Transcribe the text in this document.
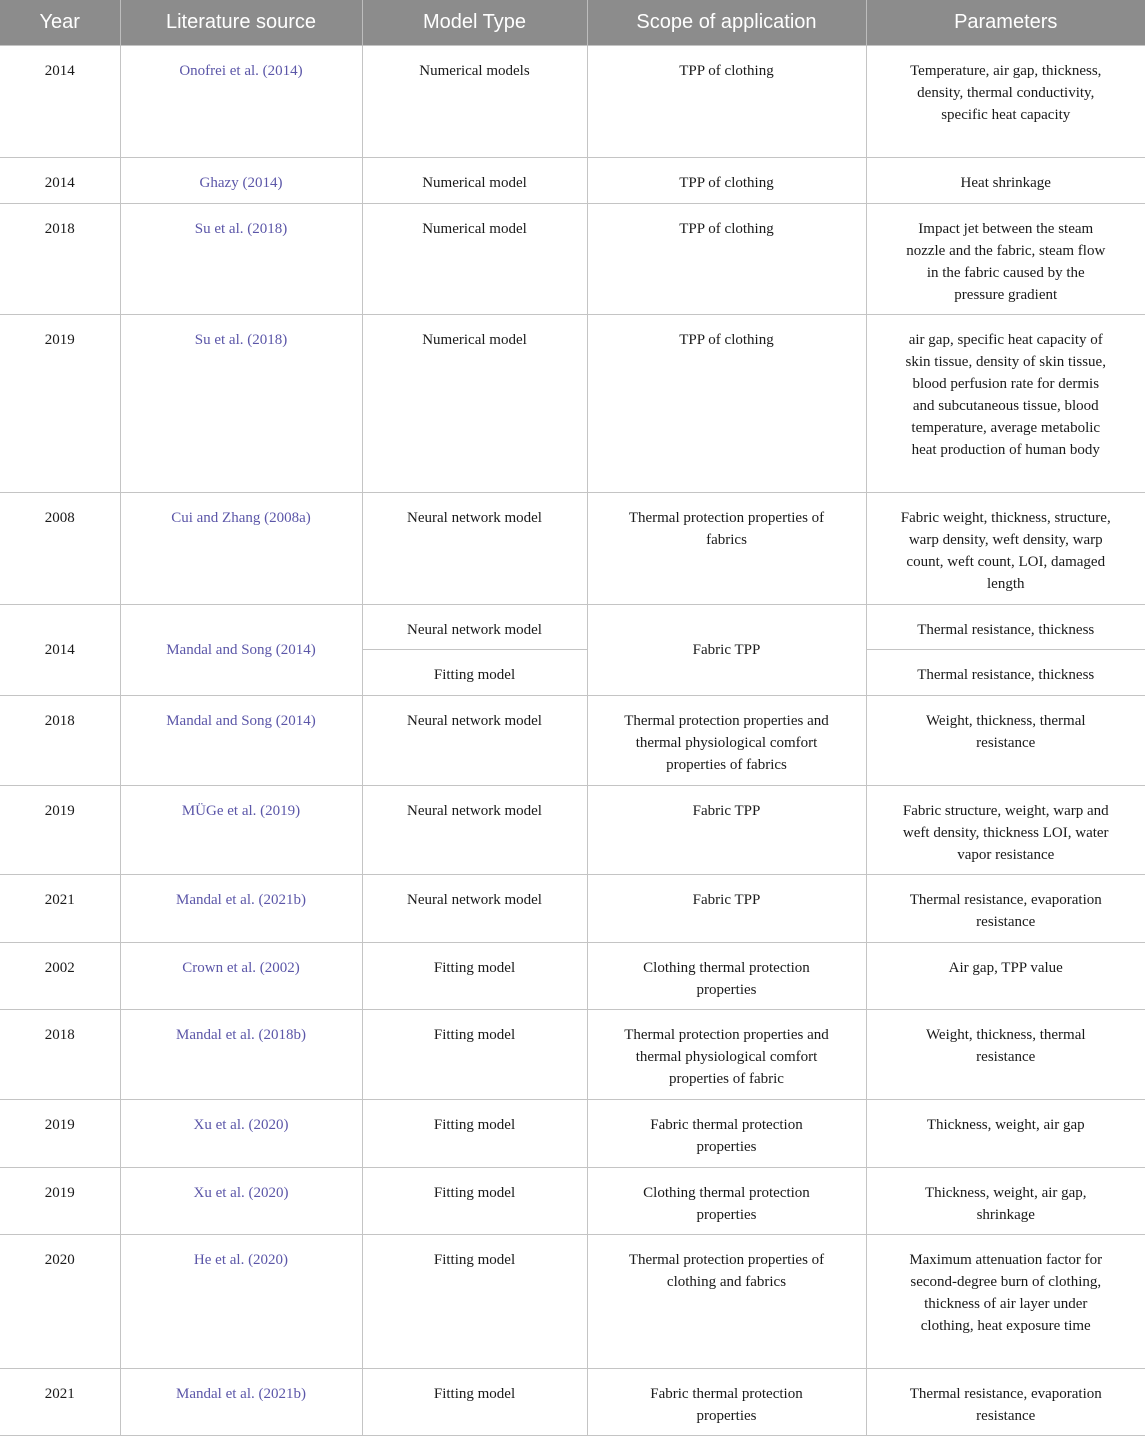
Year	Literature source	Model Type	Scope of application	Parameters
2014	Onofrei et al. (2014)	Numerical models	TPP of clothing	Temperature, air gap, thickness, density, thermal conductivity, specific heat capacity
2014	Ghazy (2014)	Numerical model	TPP of clothing	Heat shrinkage
2018	Su et al. (2018)	Numerical model	TPP of clothing	Impact jet between the steam nozzle and the fabric, steam flow in the fabric caused by the pressure gradient
2019	Su et al. (2018)	Numerical model	TPP of clothing	air gap, specific heat capacity of skin tissue, density of skin tissue, blood perfusion rate for dermis and subcutaneous tissue, blood temperature, average metabolic heat production of human body
2008	Cui and Zhang (2008a)	Neural network model	Thermal protection properties of fabrics	Fabric weight, thickness, structure, warp density, weft density, warp count, weft count, LOI, damaged length
2014	Mandal and Song (2014)	Neural network model	Fabric TPP	Thermal resistance, thickness
		Fitting model		Thermal resistance, thickness
2018	Mandal and Song (2014)	Neural network model	Thermal protection properties and thermal physiological comfort properties of fabrics	Weight, thickness, thermal resistance
2019	MÜGe et al. (2019)	Neural network model	Fabric TPP	Fabric structure, weight, warp and weft density, thickness LOI, water vapor resistance
2021	Mandal et al. (2021b)	Neural network model	Fabric TPP	Thermal resistance, evaporation resistance
2002	Crown et al. (2002)	Fitting model	Clothing thermal protection properties	Air gap, TPP value
2018	Mandal et al. (2018b)	Fitting model	Thermal protection properties and thermal physiological comfort properties of fabric	Weight, thickness, thermal resistance
2019	Xu et al. (2020)	Fitting model	Fabric thermal protection properties	Thickness, weight, air gap
2019	Xu et al. (2020)	Fitting model	Clothing thermal protection properties	Thickness, weight, air gap, shrinkage
2020	He et al. (2020)	Fitting model	Thermal protection properties of clothing and fabrics	Maximum attenuation factor for second-degree burn of clothing, thickness of air layer under clothing, heat exposure time
2021	Mandal et al. (2021b)	Fitting model	Fabric thermal protection properties	Thermal resistance, evaporation resistance
